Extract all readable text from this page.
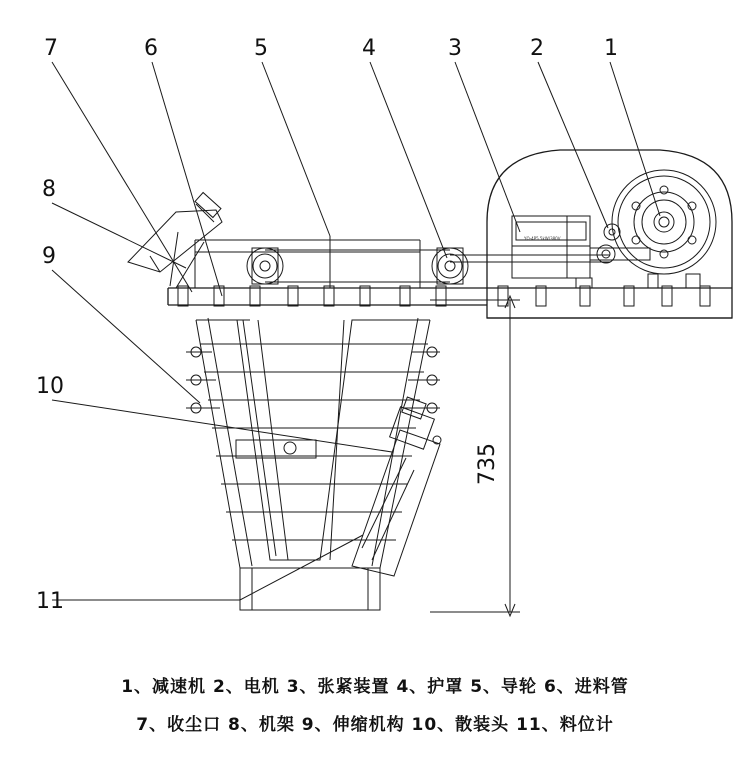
7	6	5	4	3	2	1
8
9
10
11
YQ-4P5.5kW/380V
735
1、减速机 2、电机 3、张紧装置 4、护罩 5、导轮 6、进料管
7、收尘口 8、机架 9、伸缩机构 10、散装头 11、料位计
